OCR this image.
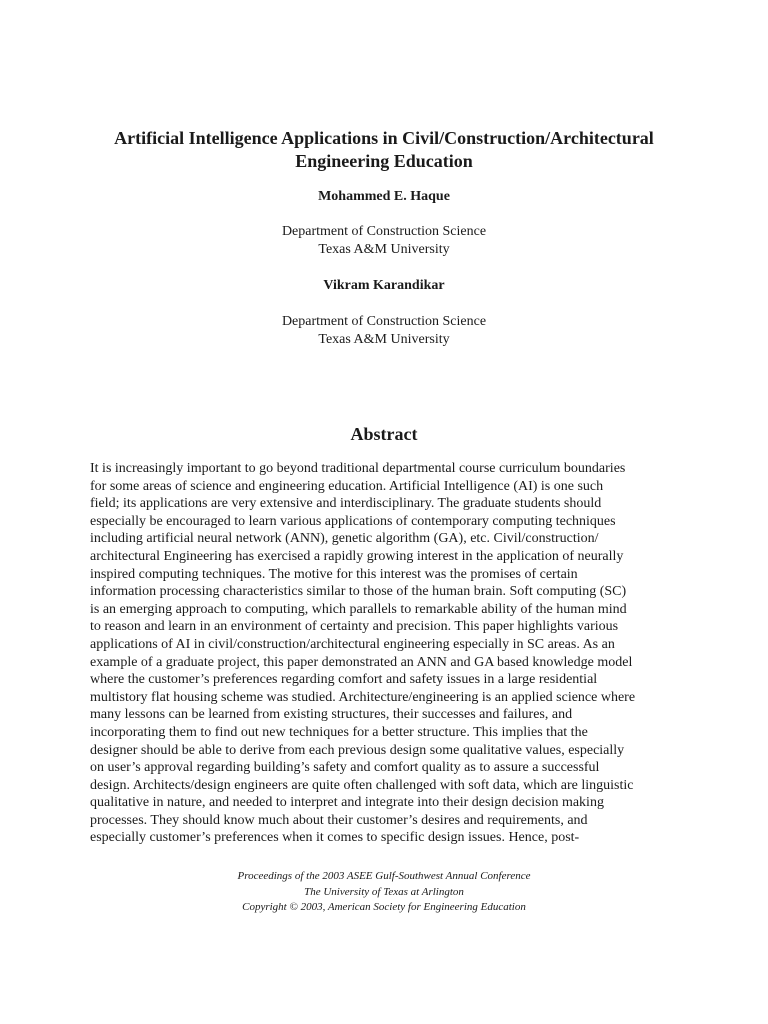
Artificial Intelligence Applications in Civil/Construction/Architectural
Engineering Education

Mohammed E. Haque

Department of Construction Science
Texas A&M University

Vikram Karandikar

Department of Construction Science
Texas A&M University

Abstract

It is increasingly important to go beyond traditional departmental course curriculum boundaries
for some areas of science and engineering education. Artificial Intelligence (AI) is one such
field; its applications are very extensive and interdisciplinary. The graduate students should
especially be encouraged to learn various applications of contemporary computing techniques
including artificial neural network (ANN), genetic algorithm (GA), etc. Civil/construction/
architectural Engineering has exercised a rapidly growing interest in the application of neurally
inspired computing techniques. The motive for this interest was the promises of certain
information processing characteristics similar to those of the human brain. Soft computing (SC)
is an emerging approach to computing, which parallels to remarkable ability of the human mind
to reason and learn in an environment of certainty and precision. This paper highlights various
applications of AI in civil/construction/architectural engineering especially in SC areas. As an
example of a graduate project, this paper demonstrated an ANN and GA based knowledge model
where the customer’s preferences regarding comfort and safety issues in a large residential
multistory flat housing scheme was studied. Architecture/engineering is an applied science where
many lessons can be learned from existing structures, their successes and failures, and
incorporating them to find out new techniques for a better structure. This implies that the
designer should be able to derive from each previous design some qualitative values, especially
on user’s approval regarding building’s safety and comfort quality as to assure a successful
design. Architects/design engineers are quite often challenged with soft data, which are linguistic
qualitative in nature, and needed to interpret and integrate into their design decision making
processes. They should know much about their customer’s desires and requirements, and
especially customer’s preferences when it comes to specific design issues. Hence, post-

Proceedings of the 2003 ASEE Gulf-Southwest Annual Conference
The University of Texas at Arlington
Copyright © 2003, American Society for Engineering Education
